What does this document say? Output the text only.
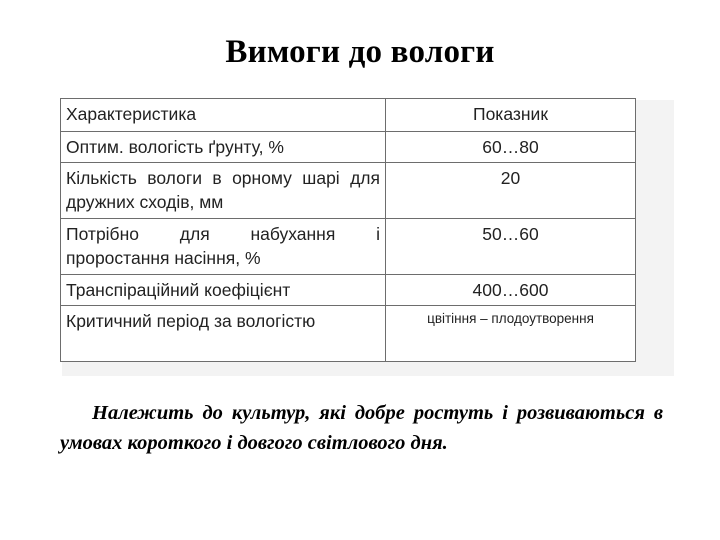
Вимоги до вологи
Характеристика	Показник
Оптим. вологість ґрунту, %	60…80
Кількість вологи в орному шарі для дружних сходів, мм	20
Потрібно для набухання і проростання насіння, %	50…60
Транспіраційний коефіцієнт	400…600
Критичний період за вологістю	цвітіння – плодоутворення
Належить до культур, які добре ростуть і розвиваються в умовах короткого і довгого світлового дня.
